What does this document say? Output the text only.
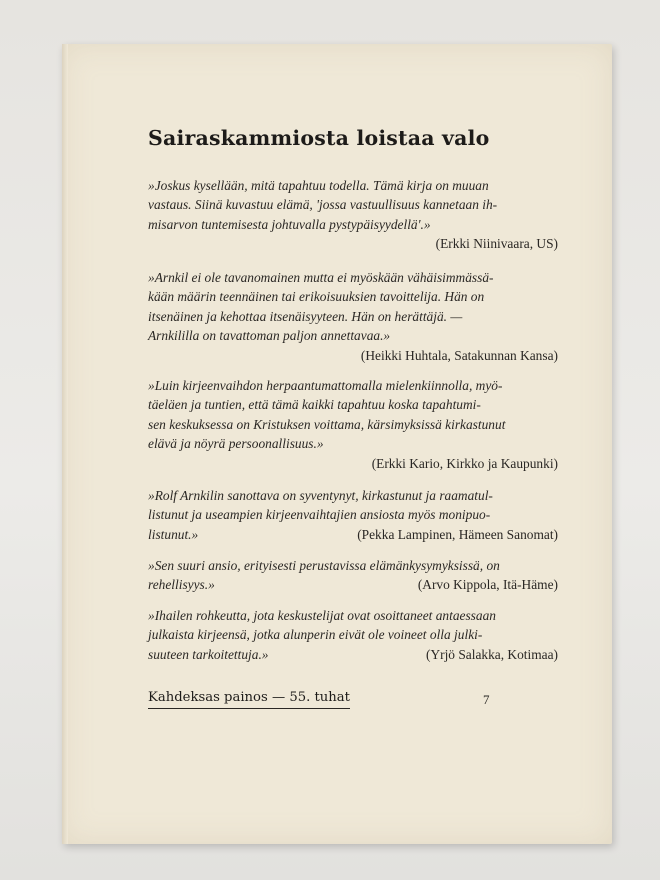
Sairaskammiosta loistaa valo
»Joskus kysellään, mitä tapahtuu todella. Tämä kirja on muuan
vastaus. Siinä kuvastuu elämä, 'jossa vastuullisuus kannetaan ih-
misarvon tuntemisesta johtuvalla pystypäisyydellä'.»
(Erkki Niinivaara, US)
»Arnkil ei ole tavanomainen mutta ei myöskään vähäisimmässä-
kään määrin teennäinen tai erikoisuuksien tavoittelija. Hän on
itsenäinen ja kehottaa itsenäisyyteen. Hän on herättäjä. —
Arnkililla on tavattoman paljon annettavaa.»
(Heikki Huhtala, Satakunnan Kansa)
»Luin kirjeenvaihdon herpaantumattomalla mielenkiinnolla, myö-
täeläen ja tuntien, että tämä kaikki tapahtuu koska tapahtumi-
sen keskuksessa on Kristuksen voittama, kärsimyksissä kirkastunut
elävä ja nöyrä persoonallisuus.»
(Erkki Kario, Kirkko ja Kaupunki)
»Rolf Arnkilin sanottava on syventynyt, kirkastunut ja raamatul-
listunut ja useampien kirjeenvaihtajien ansiosta myös monipuo-
listunut.»	(Pekka Lampinen, Hämeen Sanomat)
»Sen suuri ansio, erityisesti perustavissa elämänkysymyksissä, on
rehellisyys.»	(Arvo Kippola, Itä-Häme)
»Ihailen rohkeutta, jota keskustelijat ovat osoittaneet antaessaan
julkaista kirjeensä, jotka alunperin eivät ole voineet olla julki-
suuteen tarkoitettuja.»	(Yrjö Salakka, Kotimaa)
Kahdeksas painos — 55. tuhat	7
